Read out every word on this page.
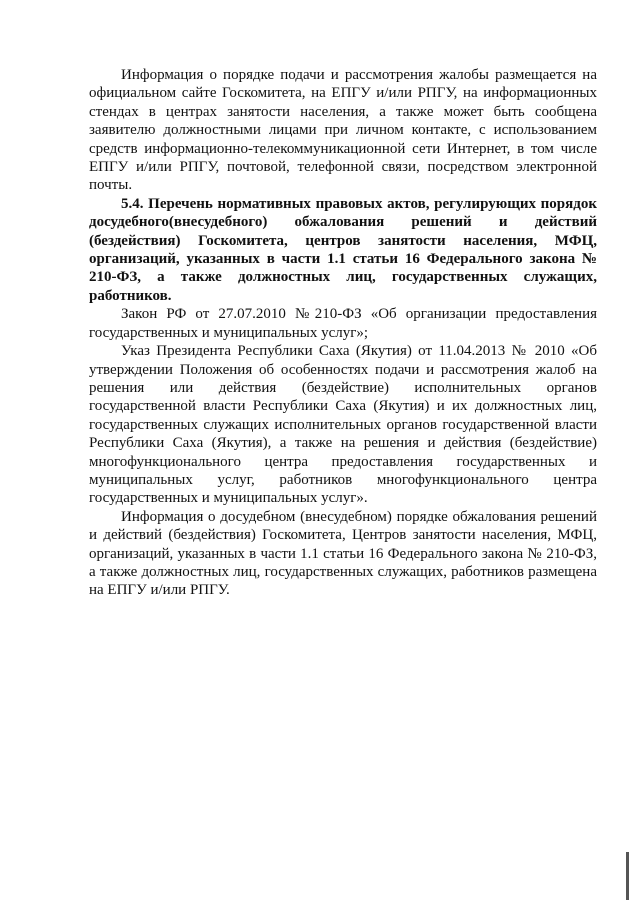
Информация о порядке подачи и рассмотрения жалобы размещается на официальном сайте Госкомитета, на ЕПГУ и/или РПГУ, на информационных стендах в центрах занятости населения, а также может быть сообщена заявителю должностными лицами при личном контакте, с использованием средств информационно-телекоммуникационной сети Интернет, в том числе ЕПГУ и/или РПГУ, почтовой, телефонной связи, посредством электронной почты.

5.4. Перечень нормативных правовых актов, регулирующих порядок досудебного(внесудебного) обжалования решений и действий (бездействия) Госкомитета, центров занятости населения, МФЦ, организаций, указанных в части 1.1 статьи 16 Федерального закона № 210-ФЗ, а также должностных лиц, государственных служащих, работников.

Закон РФ от 27.07.2010 №210-ФЗ «Об организации предоставления государственных и муниципальных услуг»;

Указ Президента Республики Саха (Якутия) от 11.04.2013 № 2010 «Об утверждении Положения об особенностях подачи и рассмотрения жалоб на решения или действия (бездействие) исполнительных органов государственной власти Республики Саха (Якутия) и их должностных лиц, государственных служащих исполнительных органов государственной власти Республики Саха (Якутия), а также на решения и действия (бездействие) многофункционального центра предоставления государственных и муниципальных услуг, работников многофункционального центра государственных и муниципальных услуг».

Информация о досудебном (внесудебном) порядке обжалования решений и действий (бездействия) Госкомитета, Центров занятости населения, МФЦ, организаций, указанных в части 1.1 статьи 16 Федерального закона № 210-ФЗ, а также должностных лиц, государственных служащих, работников размещена на ЕПГУ и/или РПГУ.
